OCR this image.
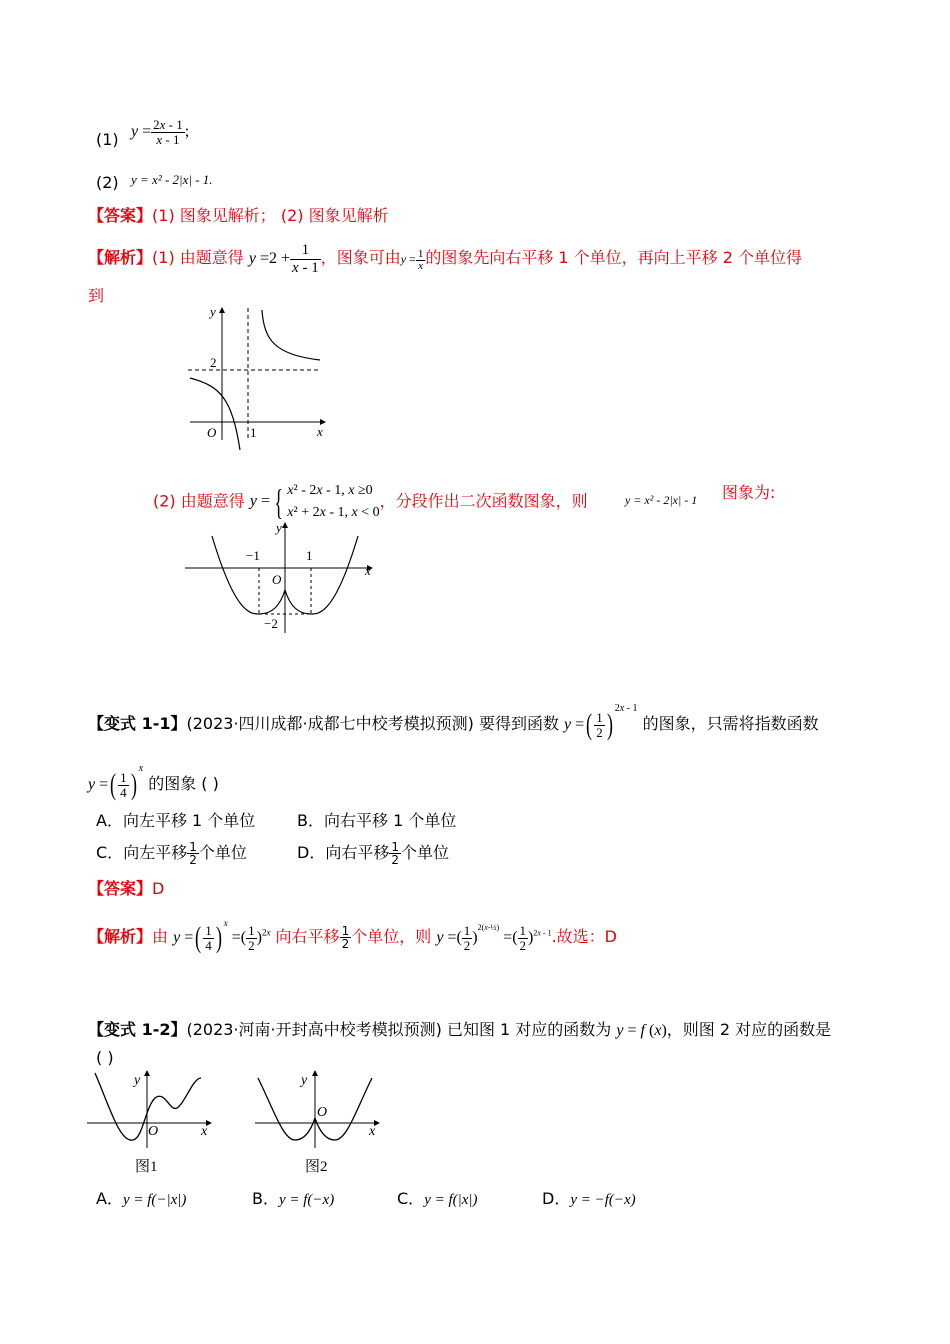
(1) $y = \frac{2x - 1}{x - 1}$ ;
(2) y = x² - 2|x| - 1.
【答案】(1) 图象见解析； (2) 图象见解析
【解析】(1) 由题意得 $y =2 + \frac{1}{x - 1}$ ，图象可由$y = \frac{1}{x}$ 的图象先向右平移 1 个单位，再向上平移 2 个单位得
到
y
x
O	1
2
(2) 由题意得 y = { x² - 2x - 1, x ≥0
x² + 2x - 1, x < 0
，分段作出二次函数图象，则	y = x² - 2|x| - 1 图象为:
y
x
O
−1	1
−2
【变式 1-1】(2023·四川成都·成都七中校考模拟预测) 要得到函数 y =( $\frac{1}{2}$ ) $^{2x - 1}$ 的图象，只需将指数函数
y =( $\frac{1}{4}$ ) $^x$ 的图象 ( )
A．向左平移 1 个单位	B．向右平移 1 个单位
C．向左平移 $\frac{1}{2}$ 个单位	D．向右平移 $\frac{1}{2}$ 个单位
【答案】D
【解析】由 y =( $\frac{1}{4}$ ) $^x$ =( $\frac{1}{2} )^{2x}$ 向右平移 $\frac{1}{2}$ 个单位，则 y =( $\frac{1}{2} )^{2(x-\frac{1}{2})}$ =( $\frac{1}{2} )^{2x - 1}$.故选：D
【变式 1-2】(2023·河南·开封高中校考模拟预测) 已知图 1 对应的函数为 y = f (x)，则图 2 对应的函数是
( )
y
x
O
图1
y
x
O
图2
A．y = f(−|x|)	B．y = f(−x)	C．y = f(|x|)	D．y = −f(−x)
